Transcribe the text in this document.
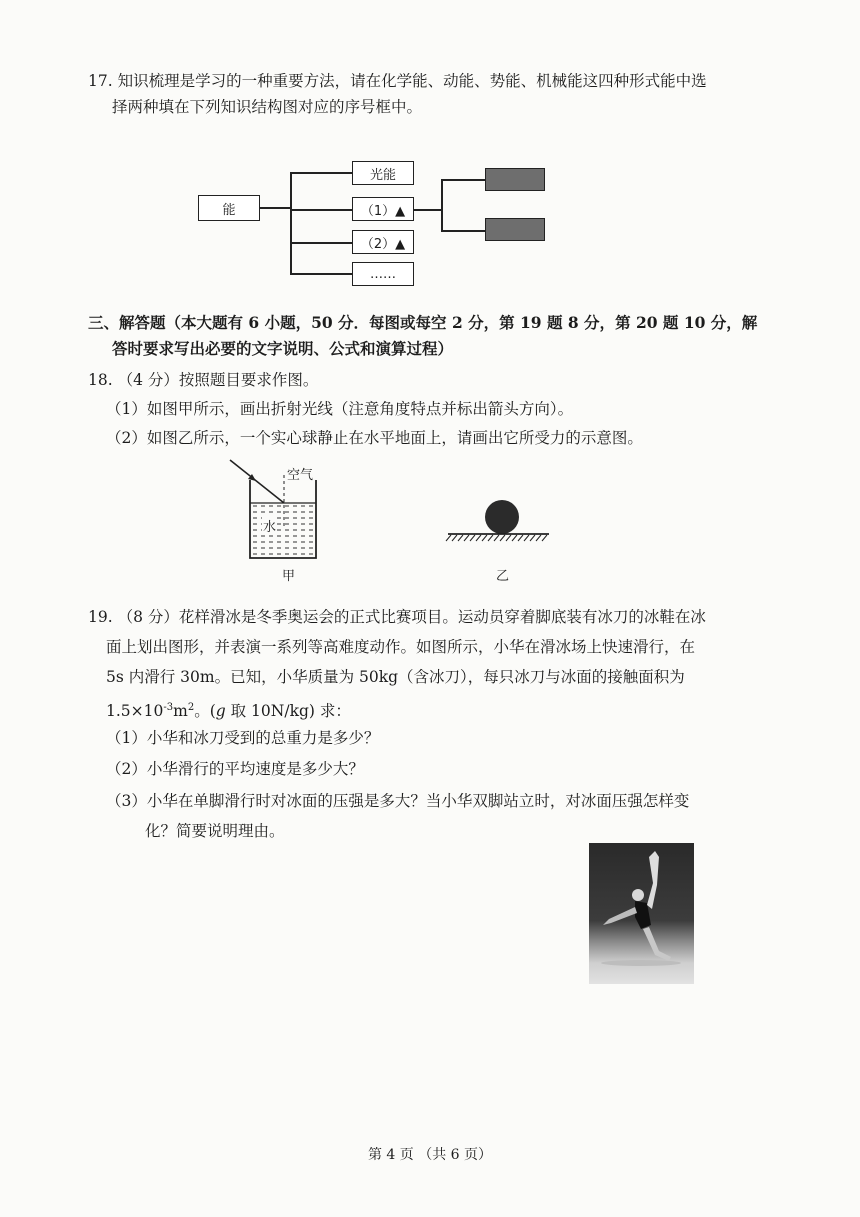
17. 知识梳理是学习的一种重要方法，请在化学能、动能、势能、机械能这四种形式能中选
择两种填在下列知识结构图对应的序号框中。
能
光能
（1）▲
（2）▲
……
三、解答题（本大题有 6 小题，50 分．每图或每空 2 分，第 19 题 8 分，第 20 题 10 分，解
答时要求写出必要的文字说明、公式和演算过程）
18. （4 分）按照题目要求作图。
（1）如图甲所示，画出折射光线（注意角度特点并标出箭头方向）。
（2）如图乙所示，一个实心球静止在水平地面上，请画出它所受力的示意图。
空气
水
甲	乙
19. （8 分）花样滑冰是冬季奥运会的正式比赛项目。运动员穿着脚底装有冰刀的冰鞋在冰
面上划出图形，并表演一系列等高难度动作。如图所示，小华在滑冰场上快速滑行，在
5s 内滑行 30m。已知，小华质量为 50kg（含冰刀），每只冰刀与冰面的接触面积为
$1.5\times 10^{-3}m^2$。(g 取 10N/kg) 求：
（1）小华和冰刀受到的总重力是多少？
（2）小华滑行的平均速度是多少大？
（3）小华在单脚滑行时对冰面的压强是多大？当小华双脚站立时，对冰面压强怎样变
化？简要说明理由。
第 4 页 （共 6 页）
